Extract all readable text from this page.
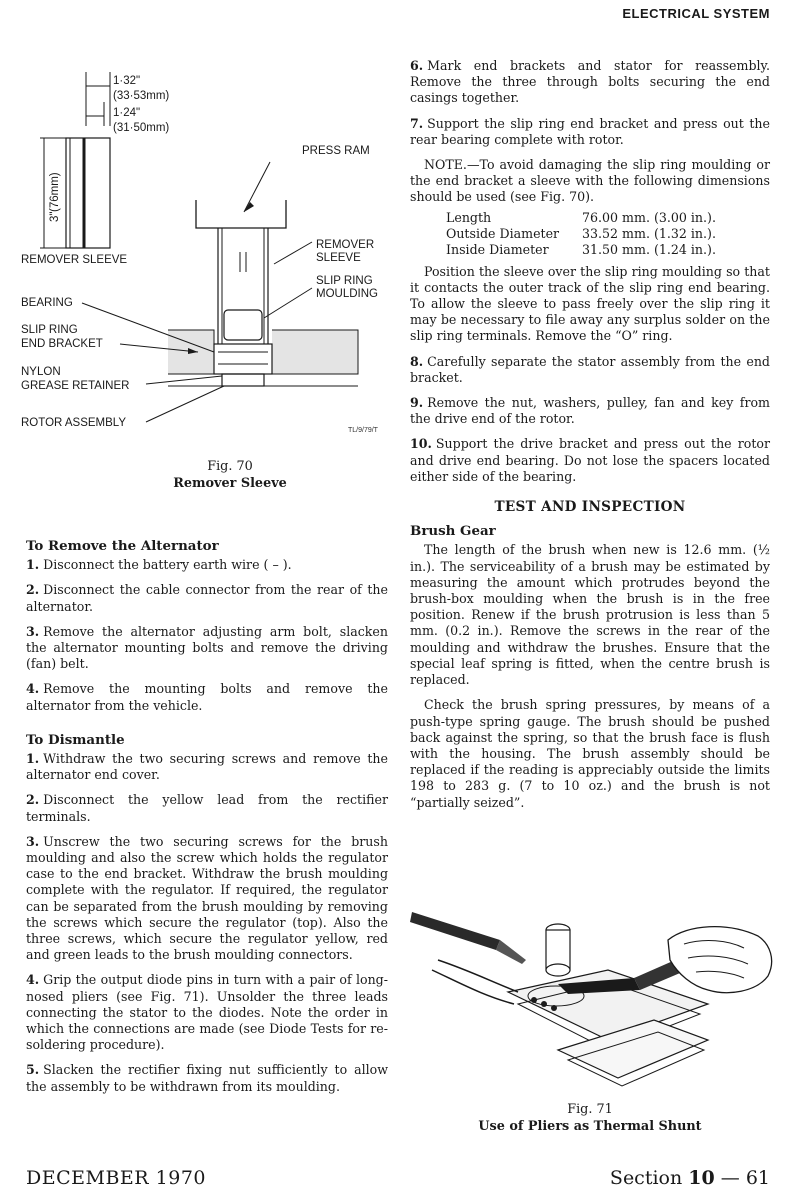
ELECTRICAL SYSTEM
1·32"
(33·53mm)
1·24"
(31·50mm)
3"
(76mm)
REMOVER SLEEVE
PRESS RAM
REMOVER
SLEEVE
SLIP RING
MOULDING
BEARING
SLIP RING
END BRACKET
NYLON
GREASE RETAINER
ROTOR ASSEMBLY
TL/9/79/T
Fig. 70
Remover Sleeve
To Remove the Alternator

1. Disconnect the battery earth wire ( – ).

2. Disconnect the cable connector from the rear of the alternator.

3. Remove the alternator adjusting arm bolt, slacken the alternator mounting bolts and remove the driving (fan) belt.

4. Remove the mounting bolts and remove the alternator from the vehicle.

To Dismantle

1. Withdraw the two securing screws and remove the alternator end cover.

2. Disconnect the yellow lead from the rectifier terminals.

3. Unscrew the two securing screws for the brush moulding and also the screw which holds the regulator case to the end bracket. Withdraw the brush moulding complete with the regulator. If required, the regulator can be separated from the brush moulding by removing the screws which secure the regulator (top). Also the three screws, which secure the regulator yellow, red and green leads to the brush moulding connectors.

4. Grip the output diode pins in turn with a pair of long-nosed pliers (see Fig. 71). Unsolder the three leads connecting the stator to the diodes. Note the order in which the connections are made (see Diode Tests for re-soldering procedure).

5. Slacken the rectifier fixing nut sufficiently to allow the assembly to be withdrawn from its moulding.

6. Mark end brackets and stator for reassembly. Remove the three through bolts securing the end casings together.

7. Support the slip ring end bracket and press out the rear bearing complete with rotor.

NOTE.—To avoid damaging the slip ring moulding or the end bracket a sleeve with the following dimensions should be used (see Fig. 70).

Length	76.00 mm. (3.00 in.).
Outside Diameter	33.52 mm. (1.32 in.).
Inside Diameter	31.50 mm. (1.24 in.).

Position the sleeve over the slip ring moulding so that it contacts the outer track of the slip ring end bearing. To allow the sleeve to pass freely over the slip ring it may be necessary to file away any surplus solder on the slip ring terminals. Remove the “O” ring.

8. Carefully separate the stator assembly from the end bracket.

9. Remove the nut, washers, pulley, fan and key from the drive end of the rotor.

10. Support the drive bracket and press out the rotor and drive end bearing. Do not lose the spacers located either side of the bearing.

TEST AND INSPECTION
Brush Gear

The length of the brush when new is 12.6 mm. (½ in.). The serviceability of a brush may be estimated by measuring the amount which protrudes beyond the brush-box moulding when the brush is in the free position. Renew if the brush protrusion is less than 5 mm. (0.2 in.). Remove the screws in the rear of the moulding and withdraw the brushes. Ensure that the special leaf spring is fitted, when the centre brush is replaced.

Check the brush spring pressures, by means of a push-type spring gauge. The brush should be pushed back against the spring, so that the brush face is flush with the housing. The brush assembly should be replaced if the reading is appreciably outside the limits 198 to 283 g. (7 to 10 oz.) and the brush is not “partially seized”.

Fig. 71
Use of Pliers as Thermal Shunt
DECEMBER 1970	Section 10 — 61
